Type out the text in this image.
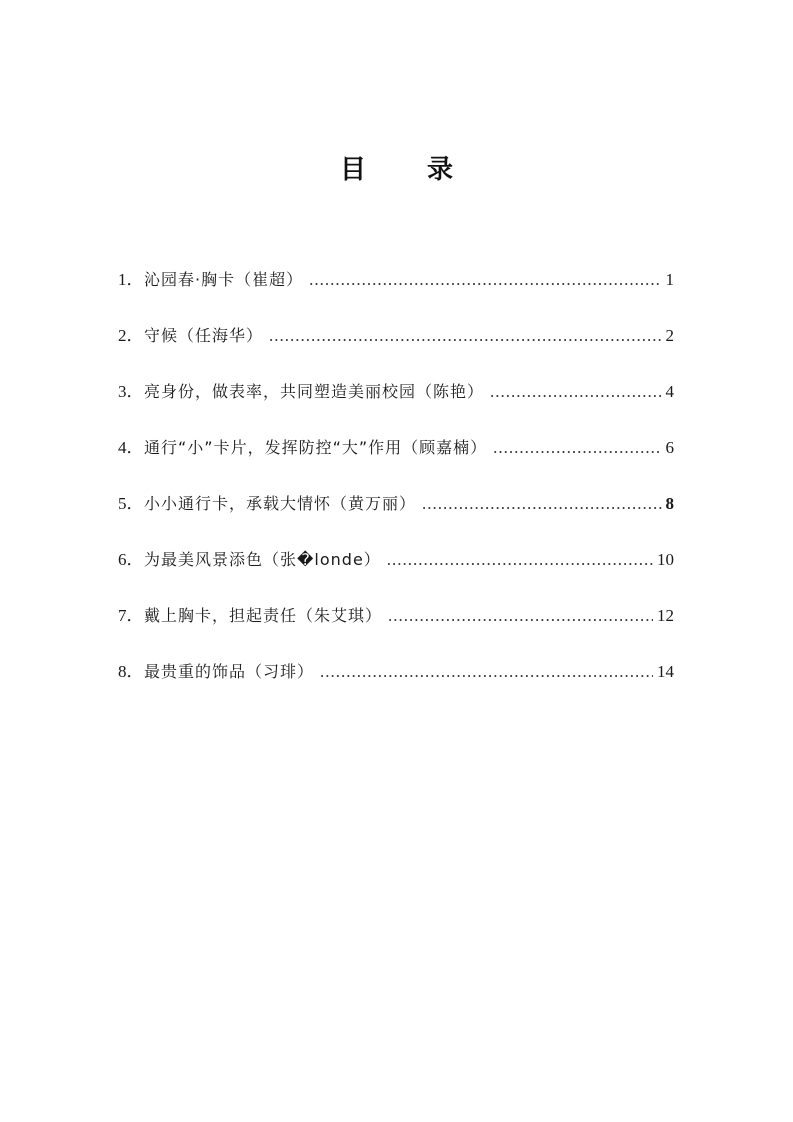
目 录
1． 沁园春·胸卡（崔超） .....	1
2． 守候（任海华） .....	2
3． 亮身份，做表率，共同塑造美丽校园（陈艳） .....	4
4． 通行“小”卡片，发挥防控“大”作用（顾嘉楠） .....	6
5． 小小通行卡，承载大情怀（黄万丽） .....	8
6． 为最美风景添色（张�londe） .....	10
7． 戴上胸卡，担起责任（朱艾琪） .....	12
8． 最贵重的饰品（习琲） .....	14
